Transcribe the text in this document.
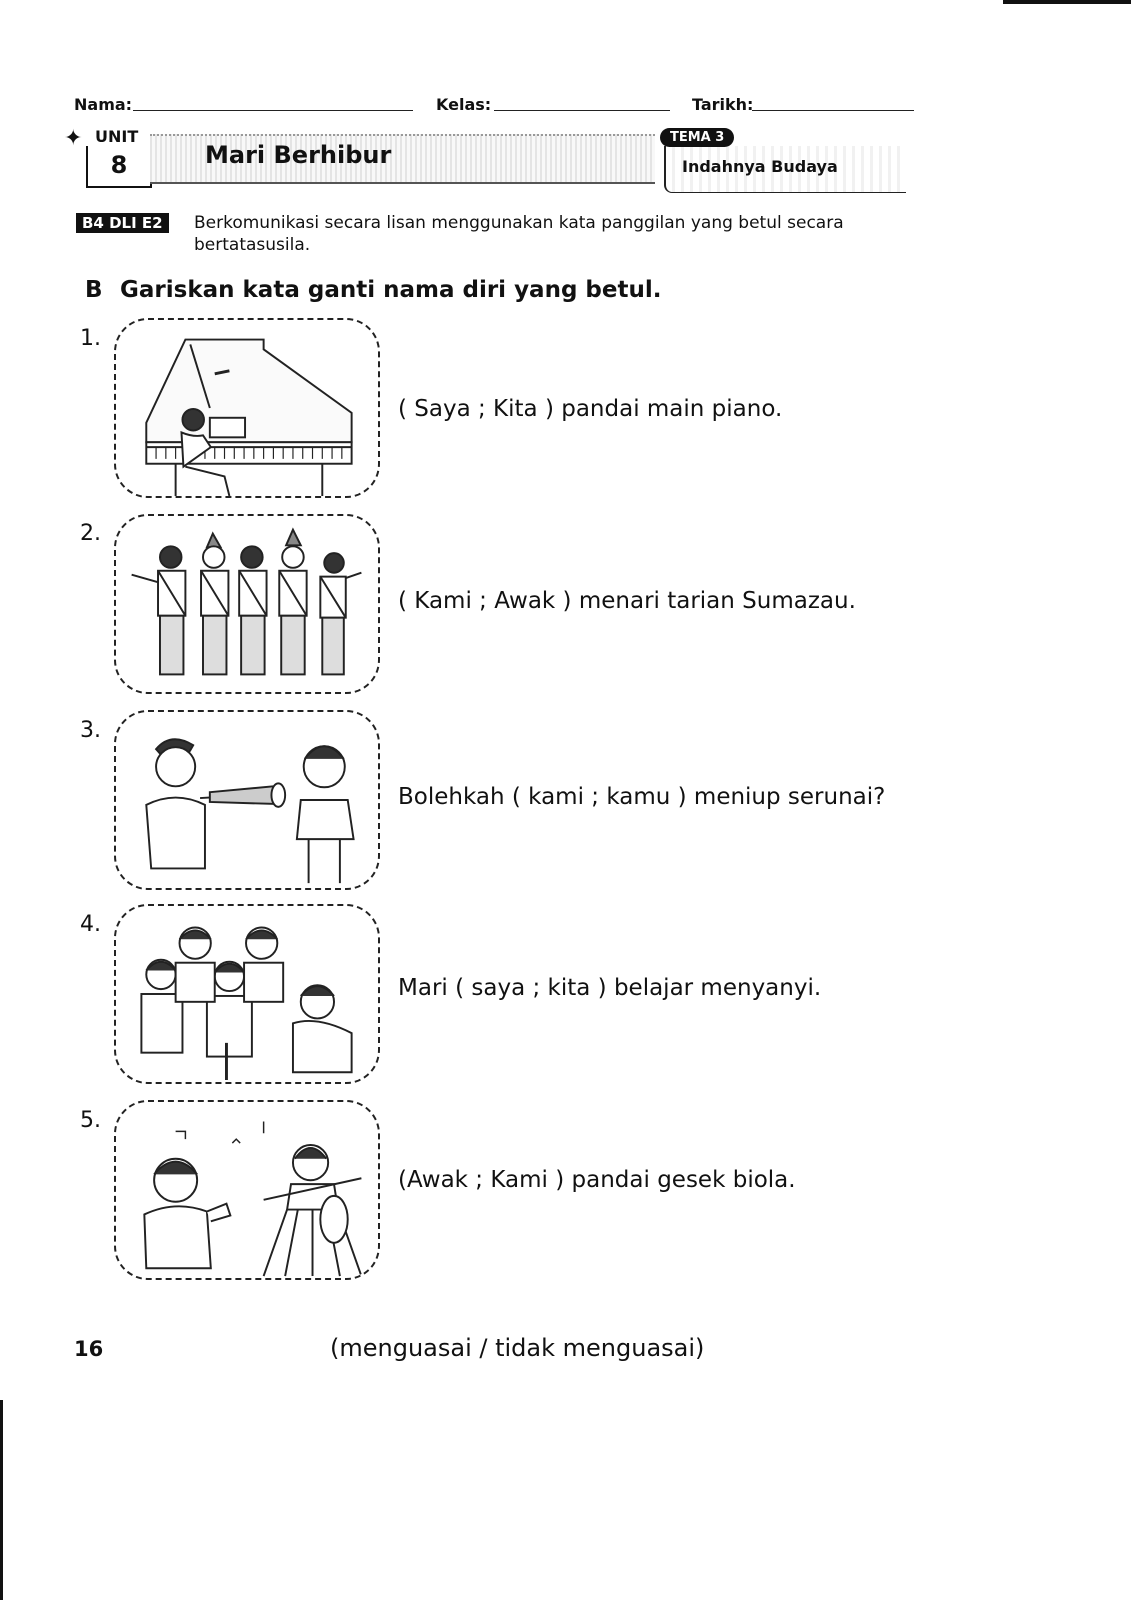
Nama:	Kelas:	Tarikh:
✦ UNIT
8	Mari Berhibur
TEMA 3
Indahnya Budaya
B4 DLI E2	Berkomunikasi secara lisan menggunakan kata panggilan yang betul secara bertatasusila.
B Gariskan kata ganti nama diri yang betul.
1.
( Saya ; Kita ) pandai main piano.
2.
( Kami ; Awak ) menari tarian Sumazau.
3.
Bolehkah ( kami ; kamu ) meniup serunai?
4.
Mari ( saya ; kita ) belajar menyanyi.
5.
(Awak ; Kami ) pandai gesek biola.
16	(menguasai / tidak menguasai)
